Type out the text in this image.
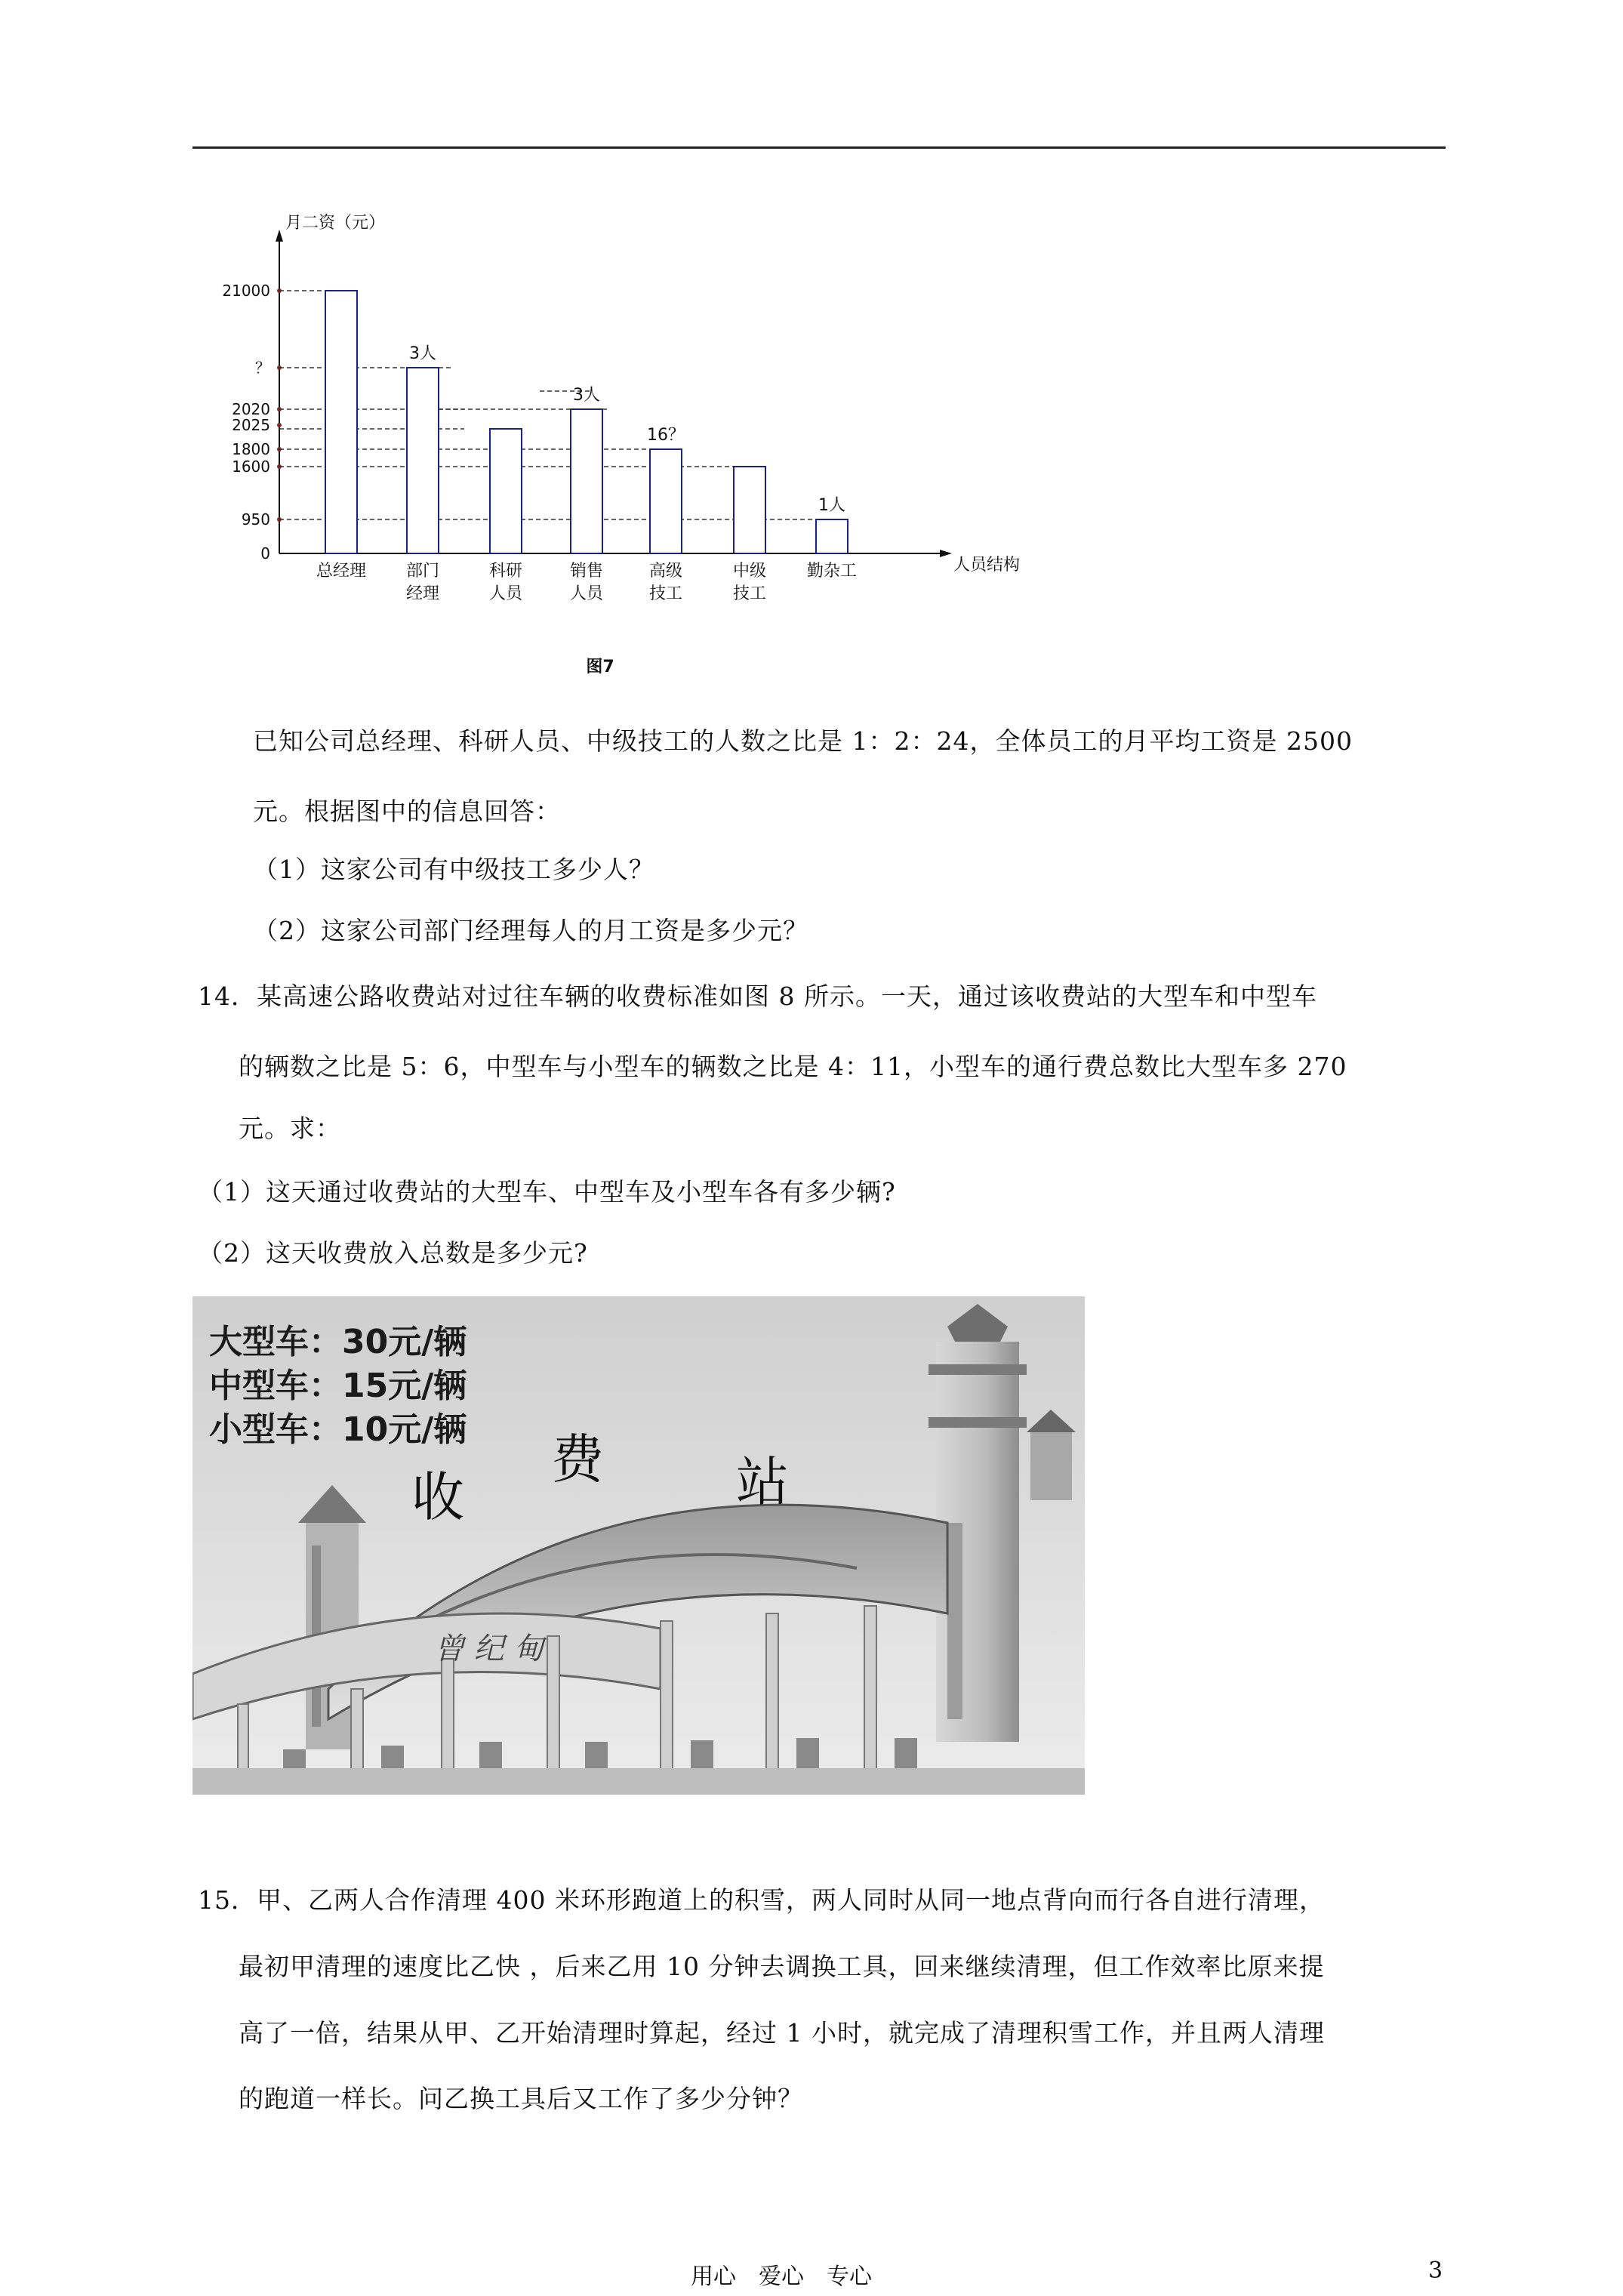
月二资（元）
人员结构
21000
？
2020
2025
1800
1600
950
0
3人
3人
16？
1人
总经理 部门
经理
科研
人员
销售
人员
高级
技工
中级
技工
勤杂工
图7
已知公司总经理、科研人员、中级技工的人数之比是 1：2：24，全体员工的月平均工资是 2500
元。根据图中的信息回答：
（1）这家公司有中级技工多少人？
（2）这家公司部门经理每人的月工资是多少元？
14．某高速公路收费站对过往车辆的收费标准如图 8 所示。一天，通过该收费站的大型车和中型车
的辆数之比是 5：6，中型车与小型车的辆数之比是 4：11，小型车的通行费总数比大型车多 270
元。求：
（1）这天通过收费站的大型车、中型车及小型车各有多少辆?
（2）这天收费放入总数是多少元?
曾 纪 甸
收
费	站
大型车：30元/辆
中型车：15元/辆
小型车：10元/辆
15．甲、乙两人合作清理 400 米环形跑道上的积雪，两人同时从同一地点背向而行各自进行清理，
最初甲清理的速度比乙快 ，后来乙用 10 分钟去调换工具，回来继续清理，但工作效率比原来提
高了一倍，结果从甲、乙开始清理时算起，经过 1 小时，就完成了清理积雪工作，并且两人清理
的跑道一样长。问乙换工具后又工作了多少分钟？
用心　爱心　专心	3
